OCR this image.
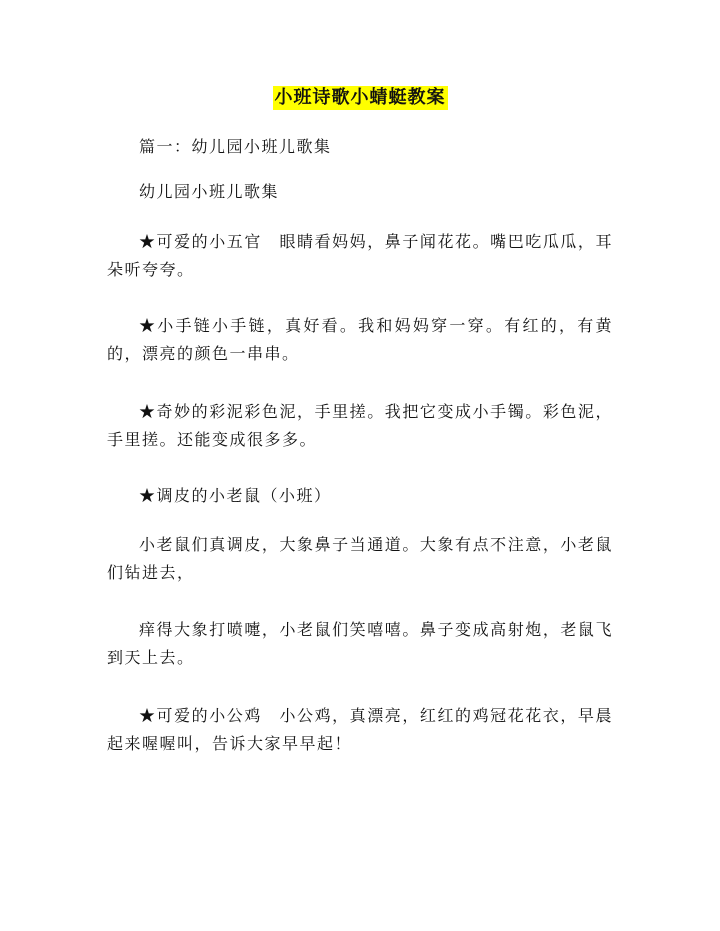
小班诗歌小蜻蜓教案

篇一：幼儿园小班儿歌集

幼儿园小班儿歌集

★可爱的小五官　眼睛看妈妈，鼻子闻花花。嘴巴吃瓜瓜，耳朵听夸夸。

★小手链小手链，真好看。我和妈妈穿一穿。有红的，有黄的，漂亮的颜色一串串。

★奇妙的彩泥彩色泥，手里搓。我把它变成小手镯。彩色泥，手里搓。还能变成很多多。

★调皮的小老鼠（小班）

小老鼠们真调皮，大象鼻子当通道。大象有点不注意，小老鼠们钻进去，

痒得大象打喷嚏，小老鼠们笑嘻嘻。鼻子变成高射炮，老鼠飞到天上去。

★可爱的小公鸡　小公鸡，真漂亮，红红的鸡冠花花衣，早晨起来喔喔叫，告诉大家早早起！
